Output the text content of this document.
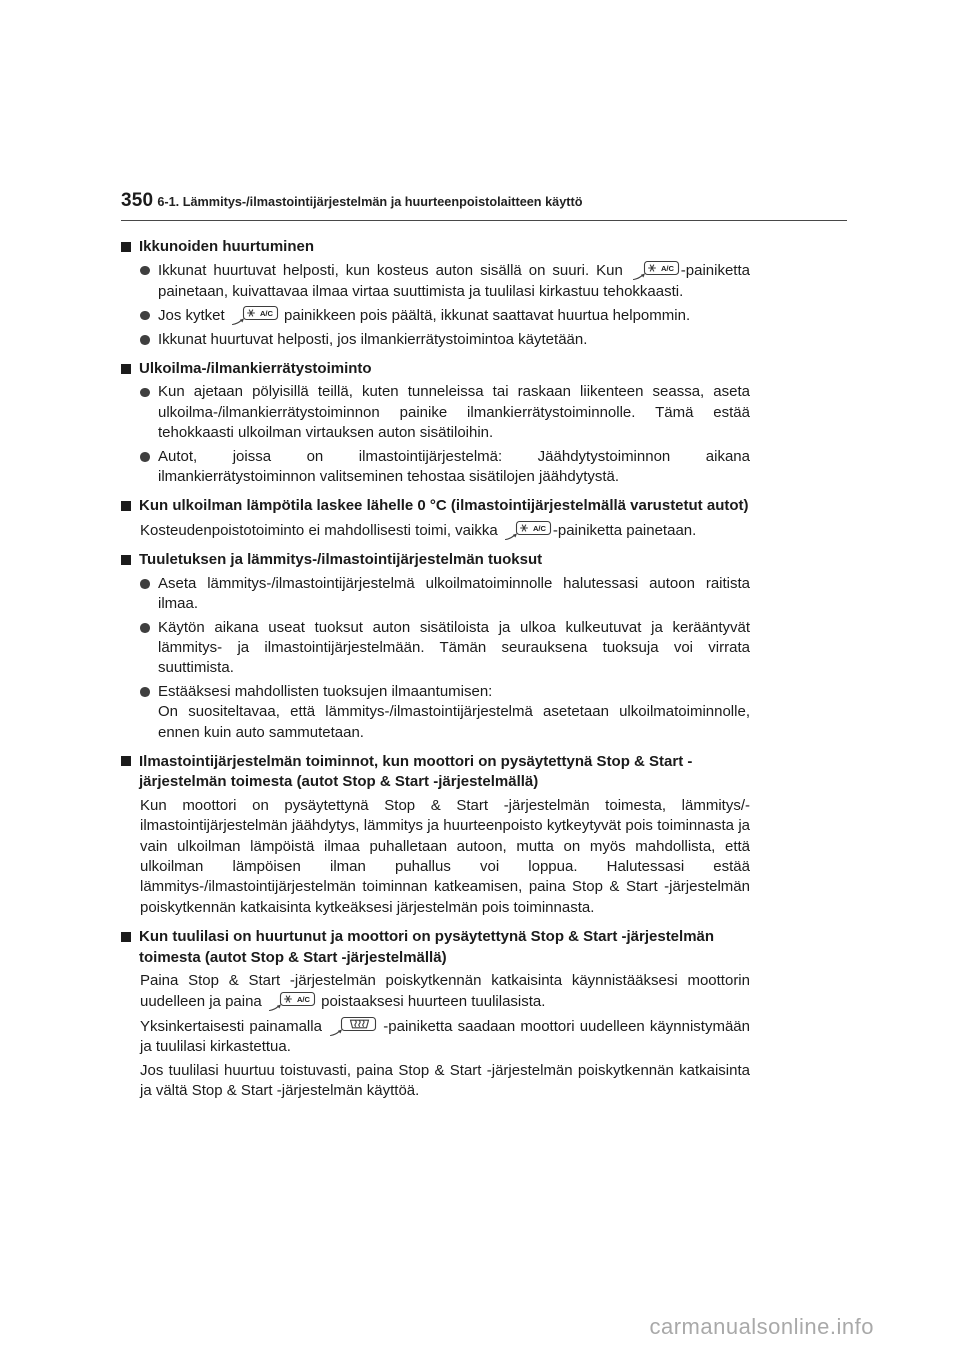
350 6-1. Lämmitys-/ilmastointijärjestelmän ja huurteenpoistolaitteen käyttö
Ikkunoiden huurtuminen
Ikkunat huurtuvat helposti, kun kosteus auton sisällä on suuri. Kun	A/C -painiketta painetaan, kuivattavaa ilmaa virtaa suuttimista ja tuulilasi kirkastuu tehokkaasti.
Jos kytket	A/C painikkeen pois päältä, ikkunat saattavat huurtua helpommin.
Ikkunat huurtuvat helposti, jos ilmankierrätystoimintoa käytetään.
Ulkoilma-/ilmankierrätystoiminto
Kun ajetaan pölyisillä teillä, kuten tunneleissa tai raskaan liikenteen seassa, aseta ulkoilma-/ilmankierrätystoiminnon painike ilmankierrätystoiminnolle. Tämä estää tehokkaasti ulkoilman virtauksen auton sisätiloihin.
Autot, joissa on ilmastointijärjestelmä: Jäähdytystoiminnon aikana ilmankierrätystoiminnon valitseminen tehostaa sisätilojen jäähdytystä.
Kun ulkoilman lämpötila laskee lähelle 0 °C (ilmastointijärjestelmällä varustetut autot)
Kosteudenpoistotoiminto ei mahdollisesti toimi, vaikka	A/C -painiketta painetaan.
Tuuletuksen ja lämmitys-/ilmastointijärjestelmän tuoksut
Aseta lämmitys-/ilmastointijärjestelmä ulkoilmatoiminnolle halutessasi autoon raitista ilmaa.
Käytön aikana useat tuoksut auton sisätiloista ja ulkoa kulkeutuvat ja kerääntyvät lämmitys- ja ilmastointijärjestelmään. Tämän seurauksena tuoksuja voi virrata suuttimista.
Estääksesi mahdollisten tuoksujen ilmaantumisen:
On suositeltavaa, että lämmitys-/ilmastointijärjestelmä asetetaan ulkoilmatoiminnolle, ennen kuin auto sammutetaan.
Ilmastointijärjestelmän toiminnot, kun moottori on pysäytettynä Stop & Start -järjestelmän toimesta (autot Stop & Start -järjestelmällä)
Kun moottori on pysäytettynä Stop & Start -järjestelmän toimesta, lämmitys/-ilmastointijärjestelmän jäähdytys, lämmitys ja huurteenpoisto kytkeytyvät pois toiminnasta ja vain ulkoilman lämpöistä ilmaa puhalletaan autoon, mutta on myös mahdollista, että ulkoilman lämpöisen ilman puhallus voi loppua. Halutessasi estää lämmitys-/ilmastointijärjestelmän toiminnan katkeamisen, paina Stop & Start -järjestelmän poiskytkennän katkaisinta kytkeäksesi järjestelmän pois toiminnasta.
Kun tuulilasi on huurtunut ja moottori on pysäytettynä Stop & Start -järjestelmän toimesta (autot Stop & Start -järjestelmällä)
Paina Stop & Start -järjestelmän poiskytkennän katkaisinta käynnistääksesi moottorin uudelleen ja paina	A/C poistaaksesi huurteen tuulilasista.
Yksinkertaisesti painamalla	-painiketta saadaan moottori uudelleen käynnistymään ja tuulilasi kirkastettua.
Jos tuulilasi huurtuu toistuvasti, paina Stop & Start -järjestelmän poiskytkennän katkaisinta ja vältä Stop & Start -järjestelmän käyttöä.
carmanualsonline.info
